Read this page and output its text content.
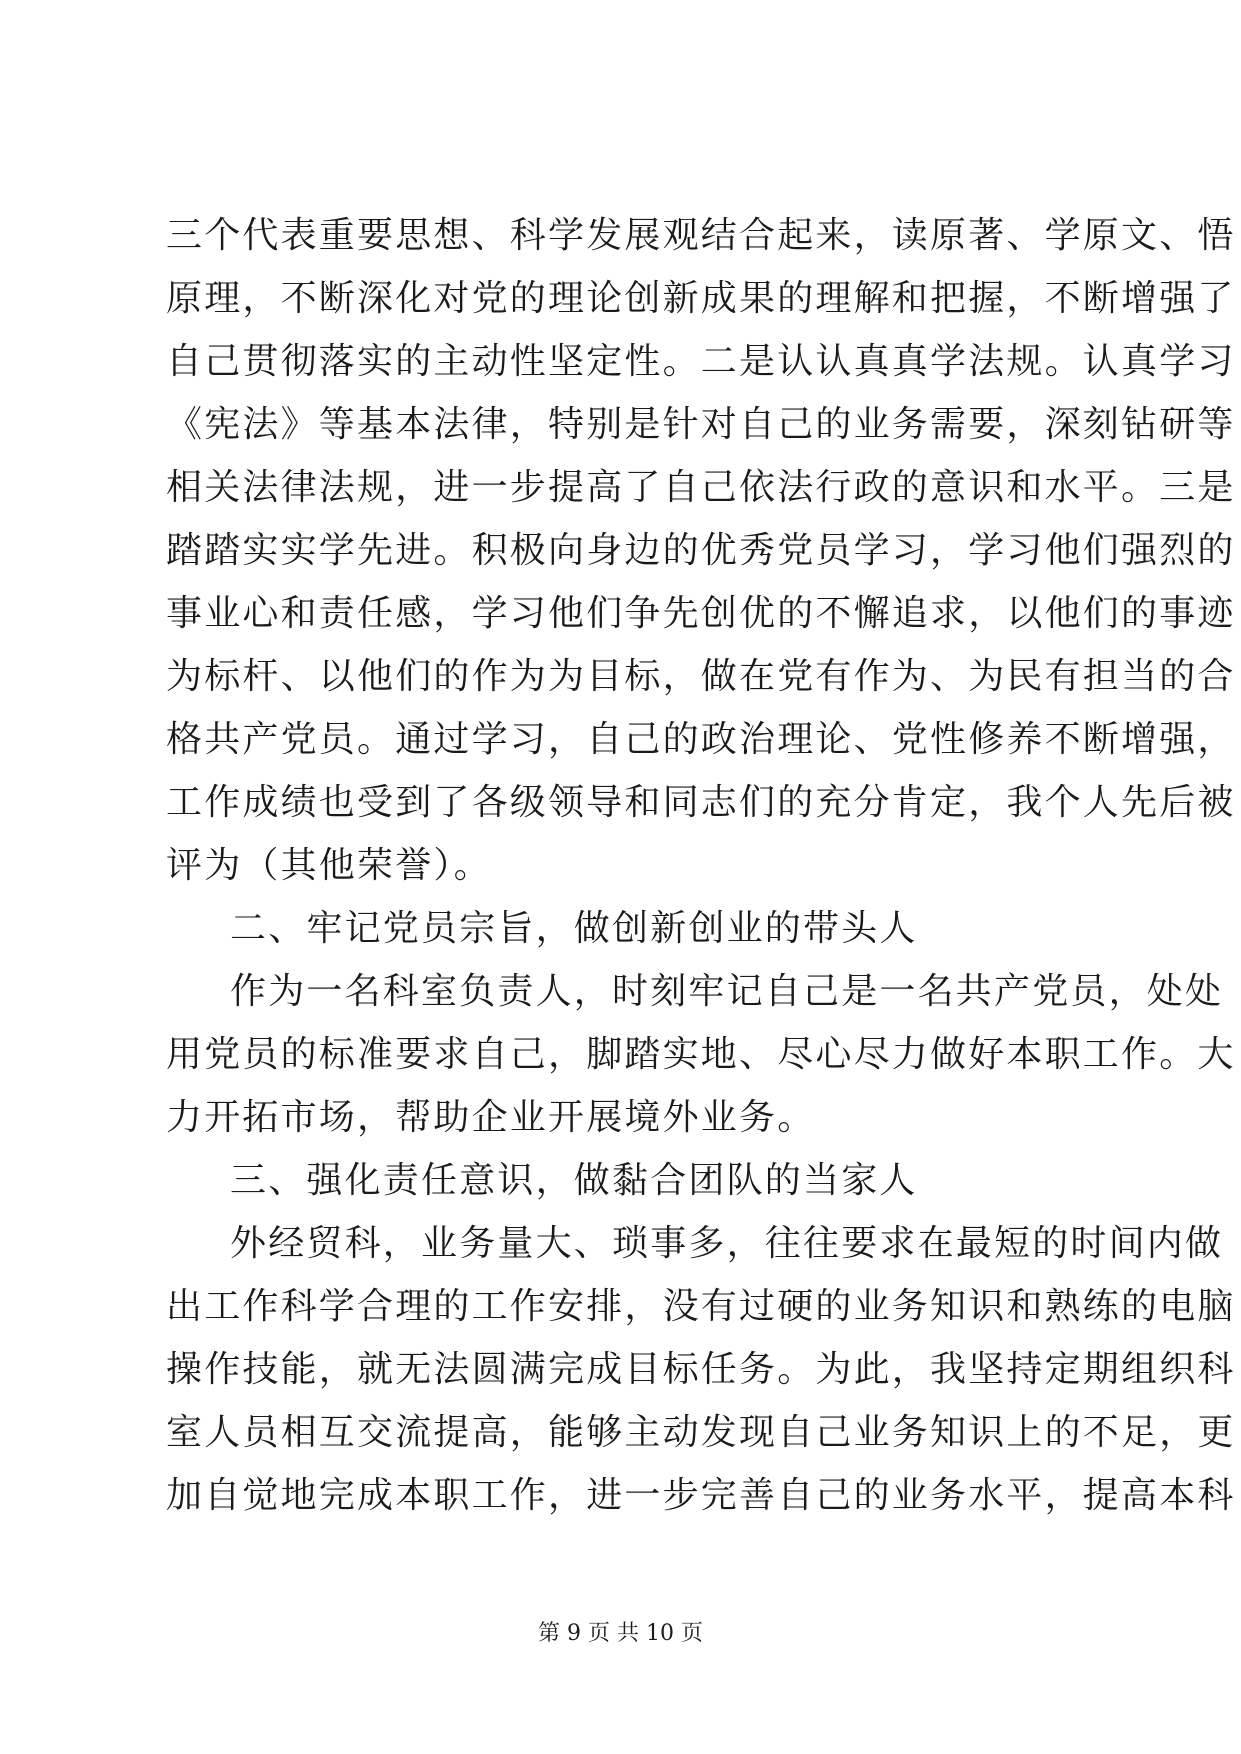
三个代表重要思想、科学发展观结合起来，读原著、学原文、悟
原理，不断深化对党的理论创新成果的理解和把握，不断增强了
自己贯彻落实的主动性坚定性。二是认认真真学法规。认真学习
《宪法》等基本法律，特别是针对自己的业务需要，深刻钻研等
相关法律法规，进一步提高了自己依法行政的意识和水平。三是
踏踏实实学先进。积极向身边的优秀党员学习，学习他们强烈的
事业心和责任感，学习他们争先创优的不懈追求，以他们的事迹
为标杆、以他们的作为为目标，做在党有作为、为民有担当的合
格共产党员。通过学习，自己的政治理论、党性修养不断增强，
工作成绩也受到了各级领导和同志们的充分肯定，我个人先后被
评为（其他荣誉）。
二、牢记党员宗旨，做创新创业的带头人
作为一名科室负责人，时刻牢记自己是一名共产党员，处处
用党员的标准要求自己，脚踏实地、尽心尽力做好本职工作。大
力开拓市场，帮助企业开展境外业务。
三、强化责任意识，做黏合团队的当家人
外经贸科，业务量大、琐事多，往往要求在最短的时间内做
出工作科学合理的工作安排，没有过硬的业务知识和熟练的电脑
操作技能，就无法圆满完成目标任务。为此，我坚持定期组织科
室人员相互交流提高，能够主动发现自己业务知识上的不足，更
加自觉地完成本职工作，进一步完善自己的业务水平，提高本科
第 9 页 共 10 页
